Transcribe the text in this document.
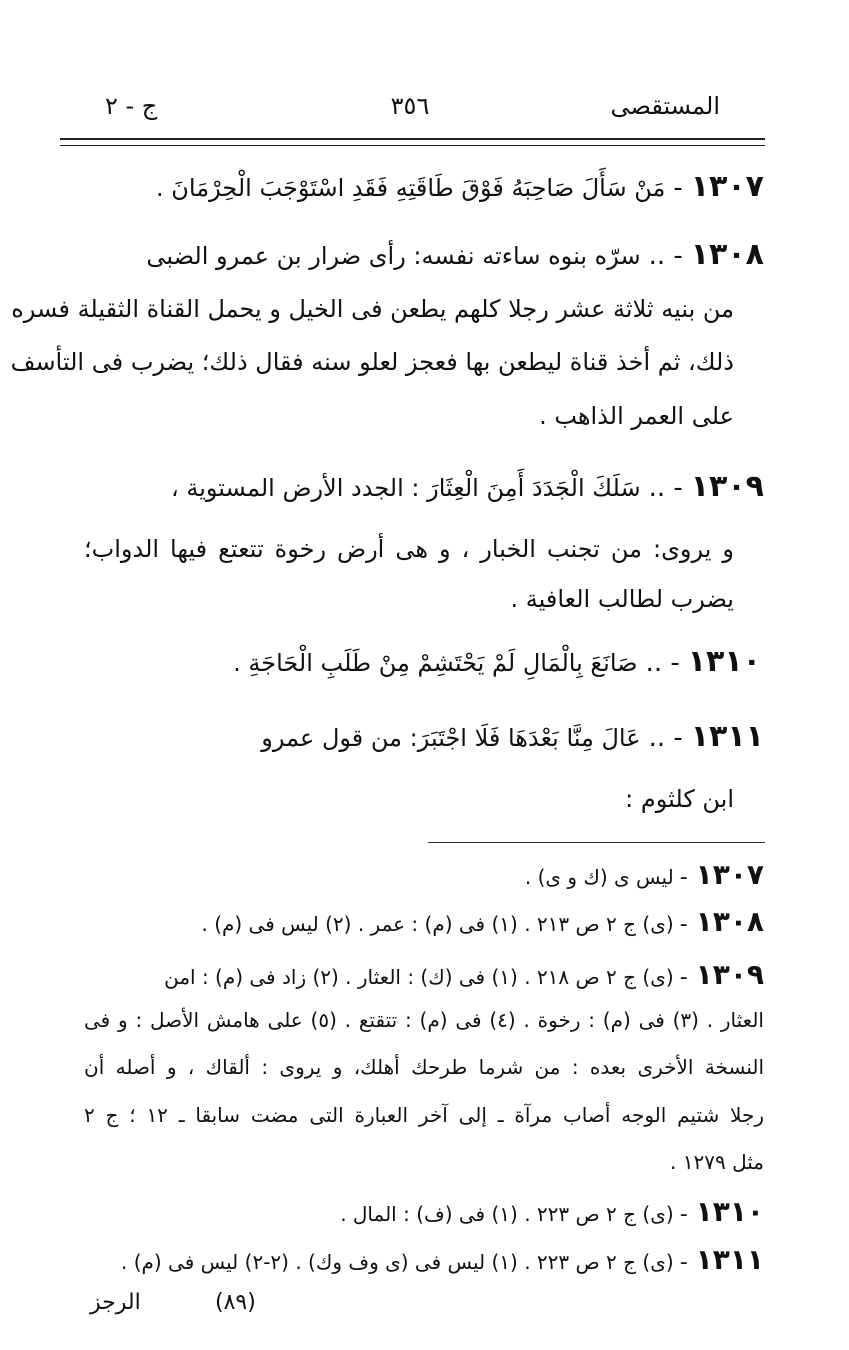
المستقصى
٣٥٦
ج - ٢
١٣٠٧-مَنْ سَأَلَ صَاحِبَهُ فَوْقَ طَاقَتِهِ فَقَدِ اسْتَوْجَبَ الْحِرْمَانَ .
١٣٠٨- ..سرّه بنوه ساءته نفسه: رأى ضرار بن عمرو الضبى
من بنيه ثلاثة عشر رجلا كلهم يطعن فى الخيل و يحمل القناة الثقيلة فسره
ذلك، ثم أخذ قناة ليطعن بها فعجز لعلو سنه فقال ذلك؛ يضرب فى التأسف
على العمر الذاهب .
١٣٠٩- ..سَلَكَ الْجَدَدَ أَمِنَ الْعِثَارَ : الجدد الأرض المستوية ،
و يروى: من تجنب الخبار ، و هى أرض رخوة تتعتع فيها الدواب؛
يضرب لطالب العافية .
١٣١٠- ..صَانَعَ بِالْمَالِ لَمْ يَحْتَشِمْ مِنْ طَلَبِ الْحَاجَةِ .
١٣١١- ..عَالَ مِنَّا بَعْدَهَا فَلَا اجْتَبَرَ: من قول عمرو
ابن كلثوم :
١٣٠٧-ليس ى (ك و ى) .
١٣٠٨-(ى) ج ٢ ص ٢١٣ . (١) فى (م) : عمر . (٢) ليس فى (م) .
١٣٠٩-(ى) ج ٢ ص ٢١٨ . (١) فى (ك) : العثار . (٢) زاد فى (م) : امن
العثار . (٣) فى (م) : رخوة . (٤) فى (م) : تتقتع . (٥) على هامش الأصل : و فى
النسخة الأخرى بعده : من شرما طرحك أهلك، و يروى : ألقاك ، و أصله أن
رجلا شتيم الوجه أصاب مرآة ـ إلى آخر العبارة التى مضت سابقا ـ ١٢ ؛ ج ٢
مثل ١٢٧٩ .
١٣١٠-(ى) ج ٢ ص ٢٢٣ . (١) فى (ف) : المال .
١٣١١-(ى) ج ٢ ص ٢٢٣ . (١) ليس فى (ى وف وك) . (٢-٢) ليس فى (م) .
الرجز	(٨٩)
